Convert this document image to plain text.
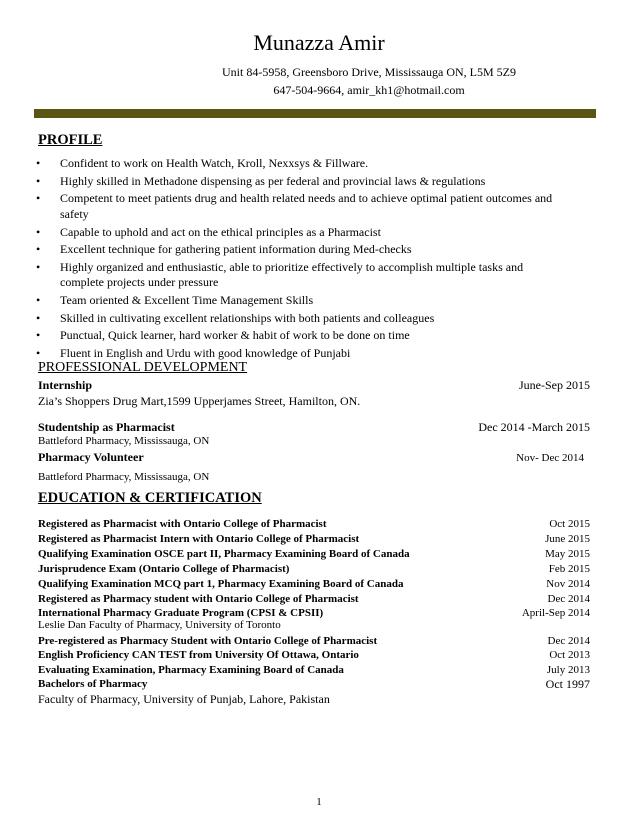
Munazza Amir
Unit 84-5958, Greensboro Drive, Mississauga ON, L5M 5Z9
647-504-9664, amir_kh1@hotmail.com
PROFILE
• Confident to work on Health Watch, Kroll, Nexxsys & Fillware.
• Highly skilled in Methadone dispensing as per federal and provincial laws & regulations
• Competent to meet patients drug and health related needs and to achieve optimal patient outcomes and safety
• Capable to uphold and act on the ethical principles as a Pharmacist
• Excellent technique for gathering patient information during Med-checks
• Highly organized and enthusiastic, able to prioritize effectively to accomplish multiple tasks and complete projects under pressure
• Team oriented & Excellent Time Management Skills
• Skilled in cultivating excellent relationships with both patients and colleagues
• Punctual, Quick learner, hard worker & habit of work to be done on time
• Fluent in English and Urdu with good knowledge of Punjabi
PROFESSIONAL DEVELOPMENT
Internship	June-Sep 2015
Zia’s Shoppers Drug Mart,1599 Upperjames Street, Hamilton, ON.
Studentship as Pharmacist	Dec 2014 -March 2015
Battleford Pharmacy, Mississauga, ON
Pharmacy Volunteer	Nov- Dec 2014
Battleford Pharmacy, Mississauga, ON
EDUCATION & CERTIFICATION
Registered as Pharmacist with Ontario College of Pharmacist	Oct 2015
Registered as Pharmacist Intern with Ontario College of Pharmacist	June 2015
Qualifying Examination OSCE part II, Pharmacy Examining Board of Canada	May 2015
Jurisprudence Exam (Ontario College of Pharmacist)	Feb 2015
Qualifying Examination MCQ part 1, Pharmacy Examining Board of Canada	Nov 2014
Registered as Pharmacy student with Ontario College of Pharmacist	Dec 2014
International Pharmacy Graduate Program (CPSI & CPSII)	April-Sep 2014
Leslie Dan Faculty of Pharmacy, University of Toronto
Pre-registered as Pharmacy Student with Ontario College of Pharmacist	Dec 2014
English Proficiency CAN TEST from University Of Ottawa, Ontario	Oct 2013
Evaluating Examination, Pharmacy Examining Board of Canada	July 2013
Bachelors of Pharmacy	Oct 1997
Faculty of Pharmacy, University of Punjab, Lahore, Pakistan
1
